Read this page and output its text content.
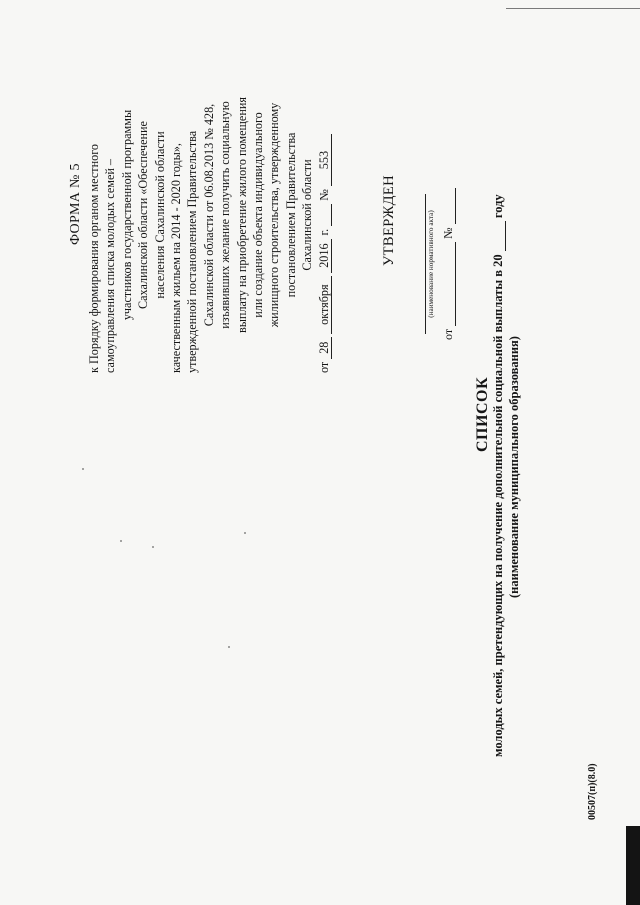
ФОРМА № 5 к Порядку формирования органом местного самоуправления списка молодых семей – участников государственной программы Сахалинской области «Обеспечение населения Сахалинской области качественным жильем на 2014 - 2020 годы», утвержденной постановлением Правительства Сахалинской области от 06.08.2013 № 428, изъявивших желание получить социальную выплату на приобретение жилого помещения или создание объекта индивидуального жилищного строительства, утвержденному постановлением Правительства Сахалинской области
от 28 октября 2016 г.   № 553
УТВЕРЖДЕН	(наименование нормативного акта)
от   №
СПИСОК молодых семей, претендующих на получение дополнительной социальной выплаты в 20   году
(наименование муниципального образования)
00507(п)(8.0)
